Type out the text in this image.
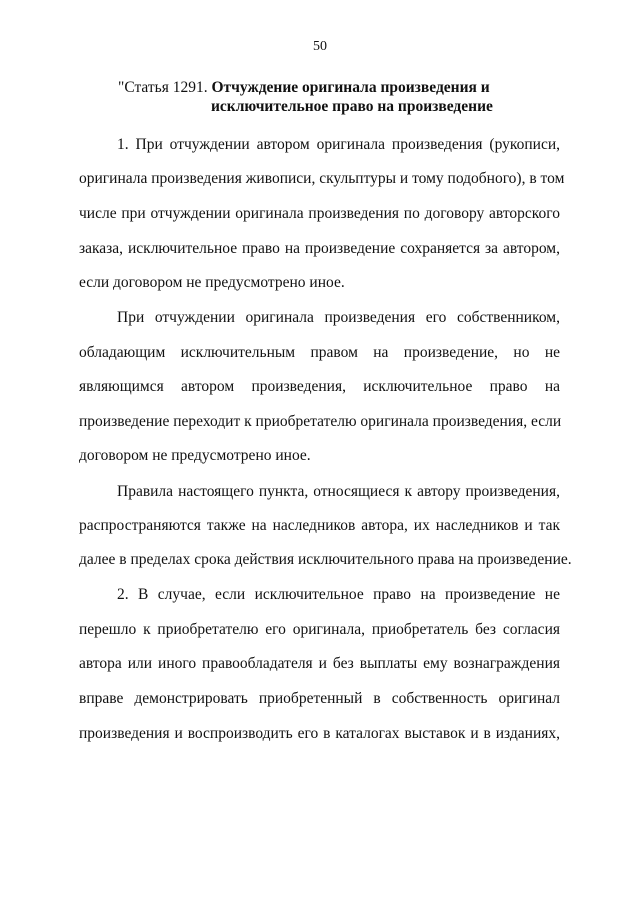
50
"Статья 1291. Отчуждение оригинала произведения и
исключительное право на произведение
1. При отчуждении автором оригинала произведения (рукописи,
оригинала произведения живописи, скульптуры и тому подобного), в том
числе при отчуждении оригинала произведения по договору авторского
заказа, исключительное право на произведение сохраняется за автором,
если договором не предусмотрено иное.
При отчуждении оригинала произведения его собственником,
обладающим исключительным правом на произведение, но не
являющимся автором произведения, исключительное право на
произведение переходит к приобретателю оригинала произведения, если
договором не предусмотрено иное.
Правила настоящего пункта, относящиеся к автору произведения,
распространяются также на наследников автора, их наследников и так
далее в пределах срока действия исключительного права на произведение.
2. В случае, если исключительное право на произведение не
перешло к приобретателю его оригинала, приобретатель без согласия
автора или иного правообладателя и без выплаты ему вознаграждения
вправе демонстрировать приобретенный в собственность оригинал
произведения и воспроизводить его в каталогах выставок и в изданиях,
